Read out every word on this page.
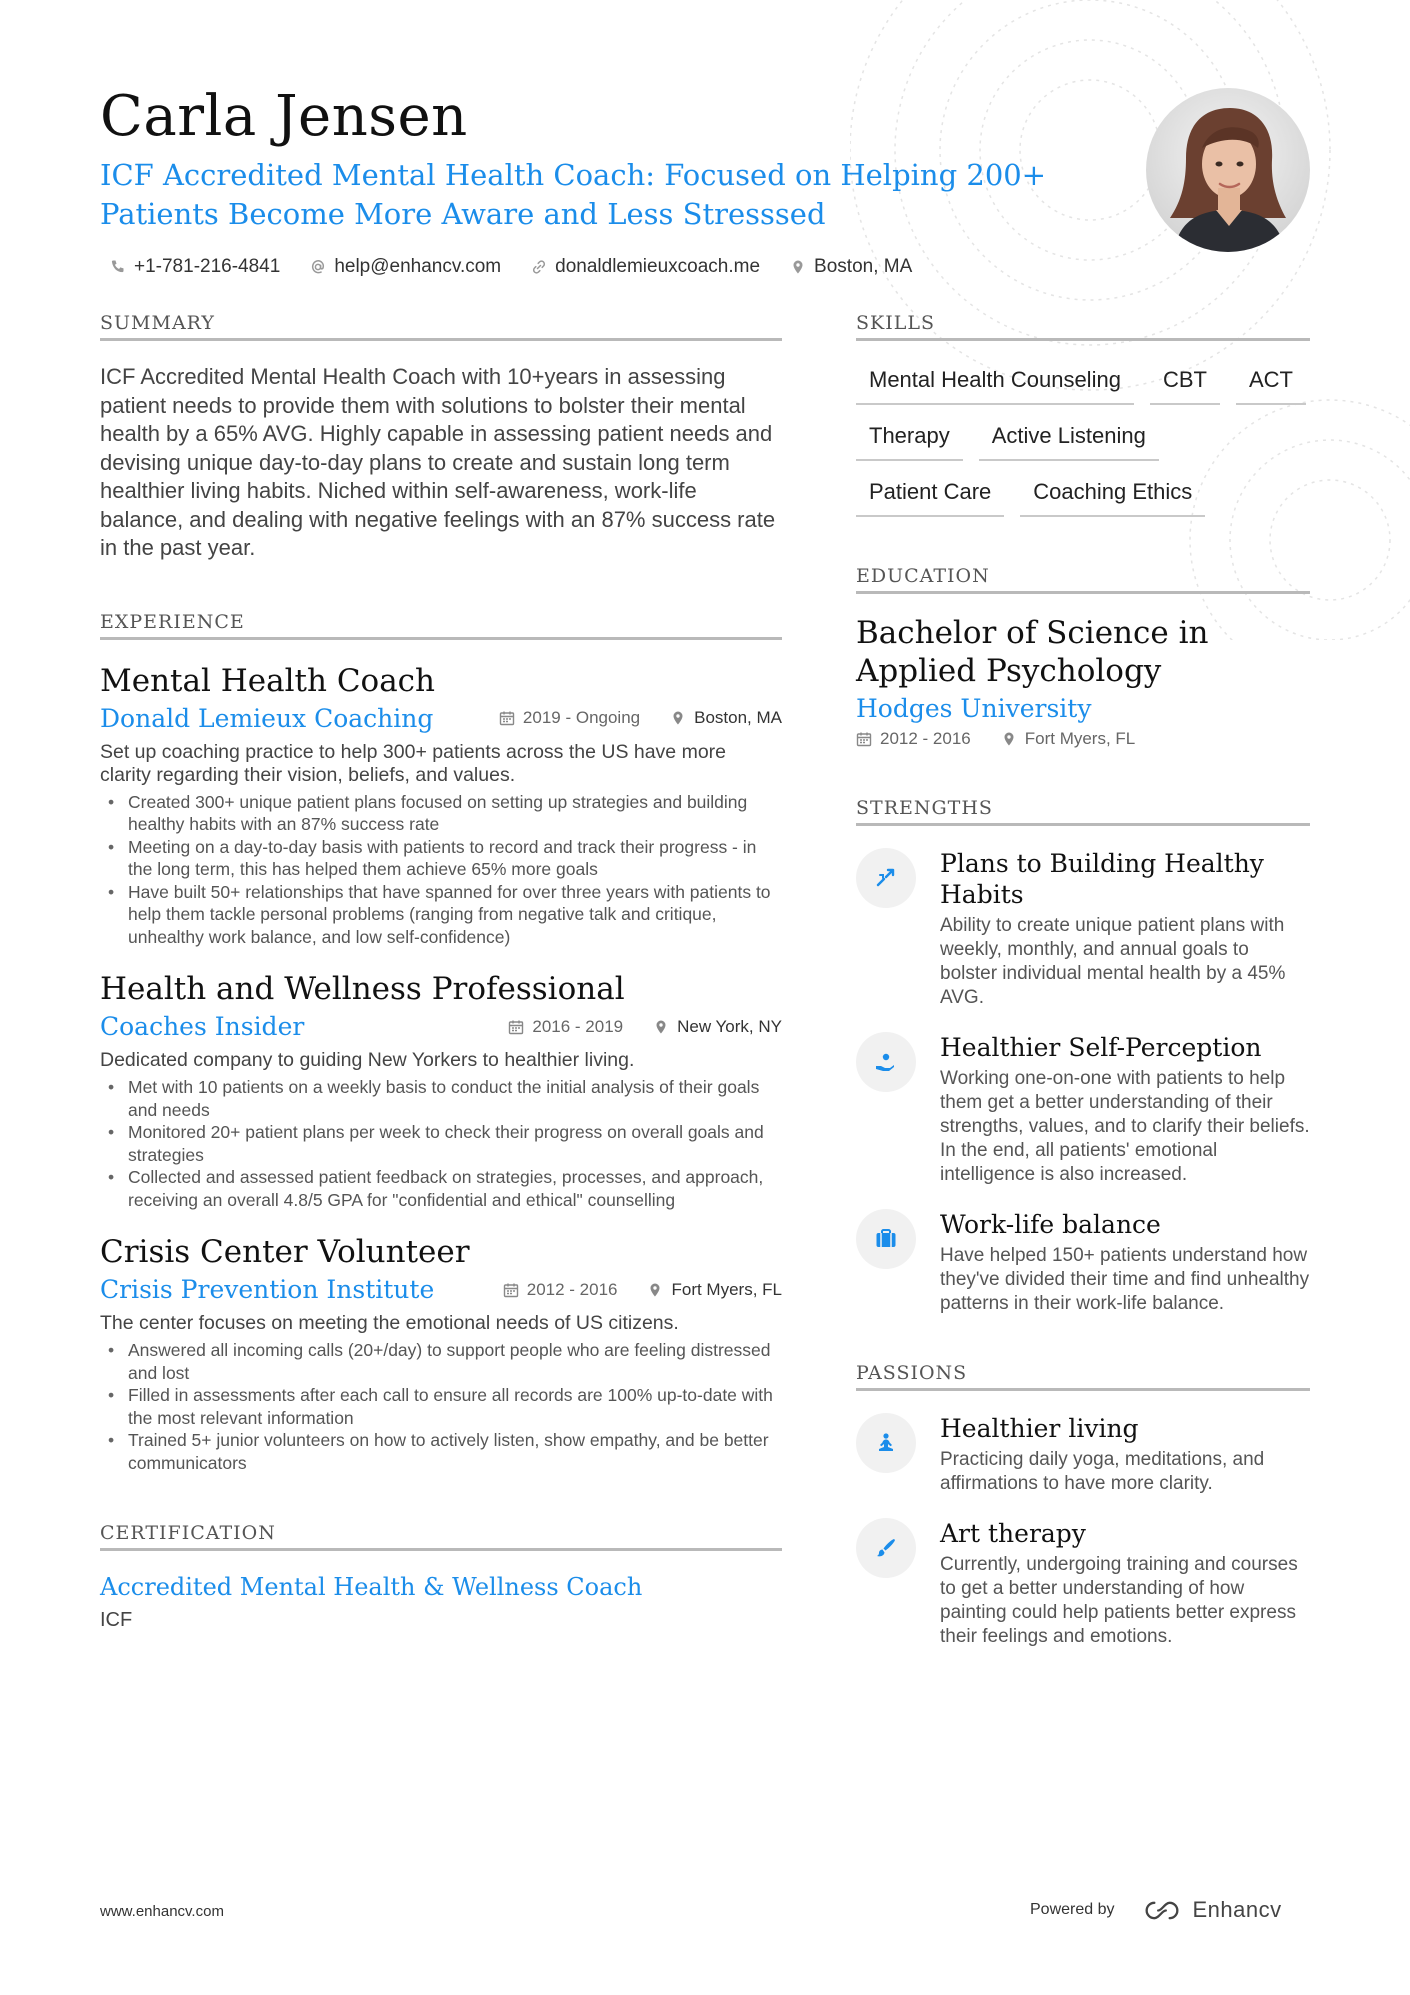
Carla Jensen
ICF Accredited Mental Health Coach: Focused on Helping 200+ Patients Become More Aware and Less Stresssed
+1-781-216-4841	help@enhancv.com	donaldlemieuxcoach.me	Boston, MA
SUMMARY

ICF Accredited Mental Health Coach with 10+years in assessing patient needs to provide them with solutions to bolster their mental health by a 65% AVG. Highly capable in assessing patient needs and devising unique day-to-day plans to create and sustain long term healthier living habits. Niched within self-awareness, work-life balance, and dealing with negative feelings with an 87% success rate in the past year.

EXPERIENCE
Mental Health Coach
Donald Lemieux Coaching	2019 - Ongoing	Boston, MA

Set up coaching practice to help 300+ patients across the US have more clarity regarding their vision, beliefs, and values.

• Created 300+ unique patient plans focused on setting up strategies and building healthy habits with an 87% success rate
• Meeting on a day-to-day basis with patients to record and track their progress - in the long term, this has helped them achieve 65% more goals
• Have built 50+ relationships that have spanned for over three years with patients to help them tackle personal problems (ranging from negative talk and critique, unhealthy work balance, and low self-confidence)
Health and Wellness Professional
Coaches Insider	2016 - 2019	New York, NY

Dedicated company to guiding New Yorkers to healthier living.

• Met with 10 patients on a weekly basis to conduct the initial analysis of their goals and needs
• Monitored 20+ patient plans per week to check their progress on overall goals and strategies
• Collected and assessed patient feedback on strategies, processes, and approach, receiving an overall 4.8/5 GPA for "confidential and ethical" counselling
Crisis Center Volunteer
Crisis Prevention Institute	2012 - 2016	Fort Myers, FL

The center focuses on meeting the emotional needs of US citizens.

• Answered all incoming calls (20+/day) to support people who are feeling distressed and lost
• Filled in assessments after each call to ensure all records are 100% up-to-date with the most relevant information
• Trained 5+ junior volunteers on how to actively listen, show empathy, and be better communicators
CERTIFICATION
Accredited Mental Health & Wellness Coach
ICF
SKILLS
Mental Health Counseling	CBT	ACT
Therapy	Active Listening
Patient Care	Coaching Ethics
EDUCATION
Bachelor of Science in Applied Psychology
Hodges University
2012 - 2016	Fort Myers, FL
STRENGTHS
Plans to Building Healthy Habits
Ability to create unique patient plans with weekly, monthly, and annual goals to bolster individual mental health by a 45% AVG.
Healthier Self-Perception
Working one-on-one with patients to help them get a better understanding of their strengths, values, and to clarify their beliefs. In the end, all patients' emotional intelligence is also increased.
Work-life balance
Have helped 150+ patients understand how they've divided their time and find unhealthy patterns in their work-life balance.
PASSIONS
Healthier living
Practicing daily yoga, meditations, and affirmations to have more clarity.
Art therapy
Currently, undergoing training and courses to get a better understanding of how painting could help patients better express their feelings and emotions.
www.enhancv.com	Powered by	Enhancv
